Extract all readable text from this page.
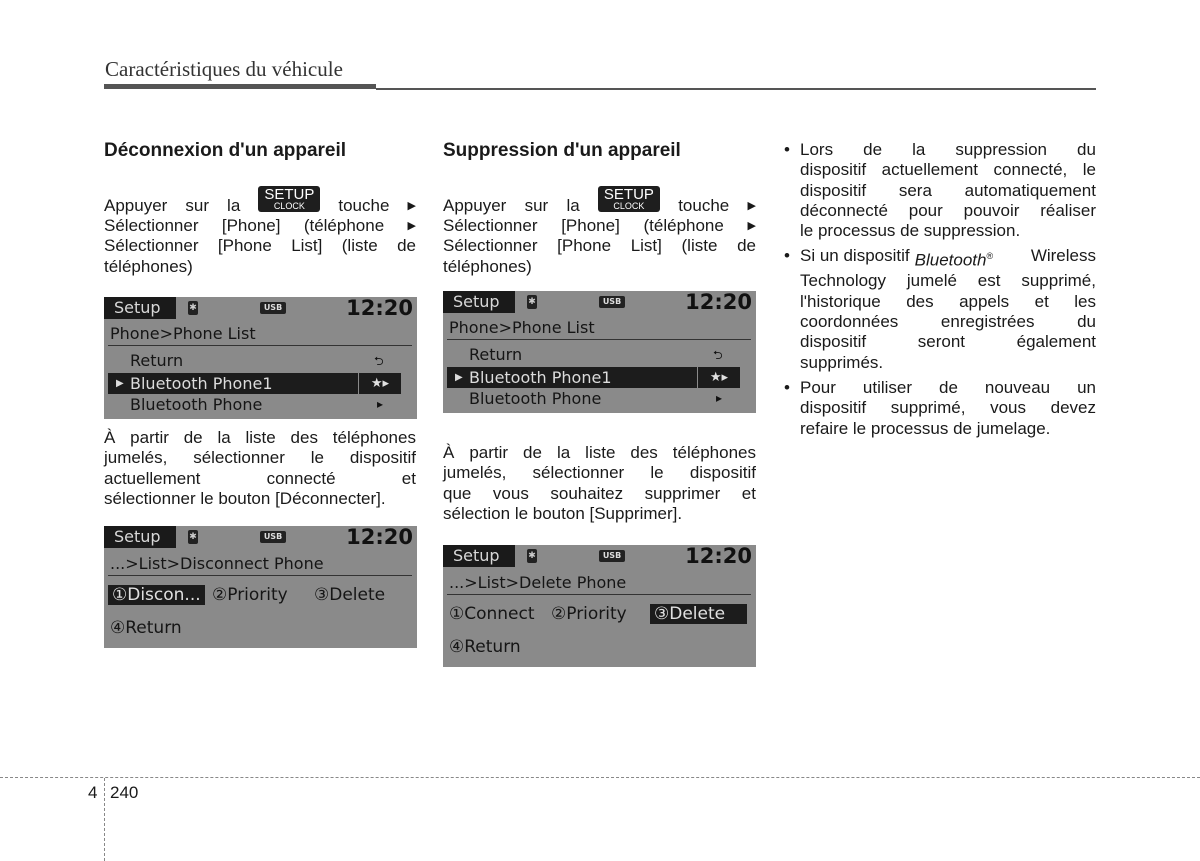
Caractéristiques du véhicule
Déconnexion d'un appareil
Appuyer sur la
SETUP
CLOCK	touche ▶
Sélectionner [Phone] (téléphone ▶
Sélectionner [Phone List] (liste de
téléphones)
Setup	✱	USB	12:20
Phone>Phone List
Return	⮌
▶ Bluetooth Phone1	★▸
Bluetooth Phone	▸
À partir de la liste des téléphones
jumelés, sélectionner le dispositif
actuellement	connecté	et
sélectionner le bouton [Déconnecter].
Setup	✱	USB	12:20
...>List>Disconnect Phone
①Discon... ②Priority ③Delete
④Return
Suppression d'un appareil
Appuyer sur la
SETUP
CLOCK	touche ▶
Sélectionner [Phone] (téléphone ▶
Sélectionner [Phone List] (liste de
téléphones)
Setup	✱	USB	12:20
Phone>Phone List
Return	⮌
▶ Bluetooth Phone1	★▸
Bluetooth Phone	▸
À partir de la liste des téléphones
jumelés, sélectionner le dispositif
que vous souhaitez supprimer et
sélection le bouton [Supprimer].
Setup	✱	USB	12:20
...>List>Delete Phone
①Connect ②Priority ③Delete
④Return
• Lors de la suppression du
dispositif actuellement connecté, le
dispositif sera automatiquement
déconnecté pour pouvoir réaliser
le processus de suppression.
• Si un dispositif Bluetooth®	Wireless
Technology jumelé est supprimé,
l'historique des appels et les
coordonnées	enregistrées	du
dispositif	seront	également
supprimés.
• Pour utiliser de nouveau un
dispositif supprimé, vous devez
refaire le processus de jumelage.
4 240
